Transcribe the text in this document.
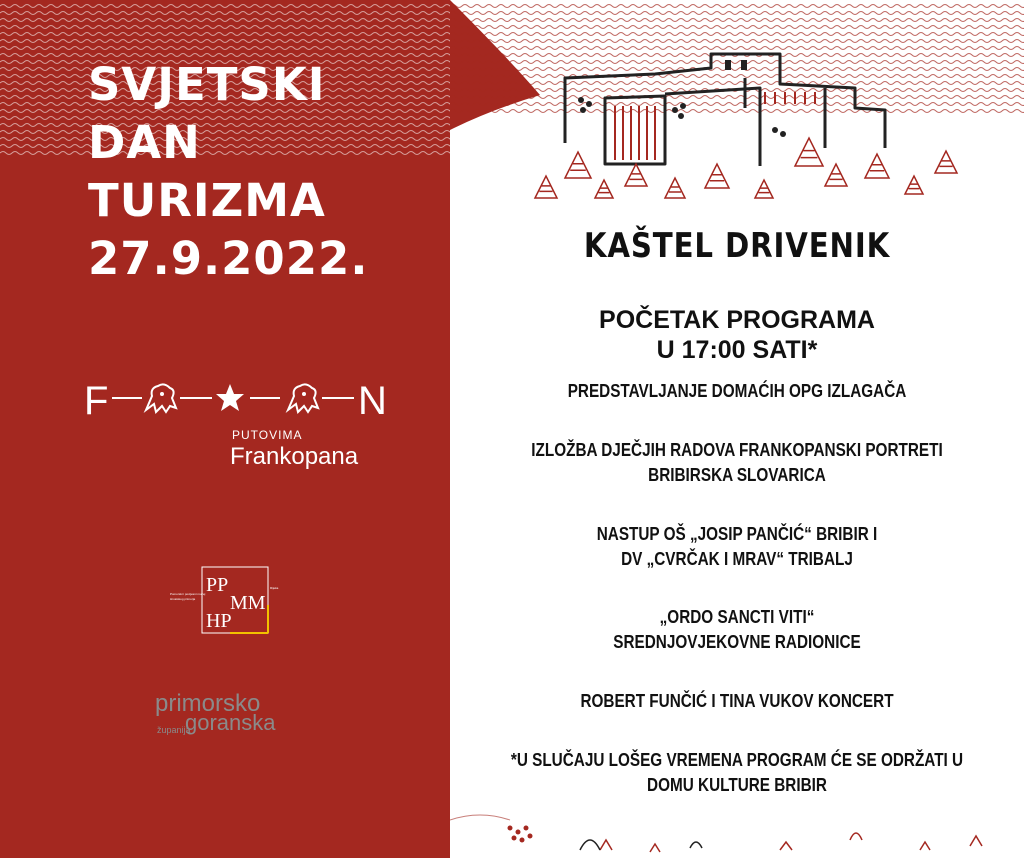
SVJETSKI
DAN
TURIZMA
27.9.2022.
F	N
PUTOVIMA
Frankopana
PP
MM
HP
Pomorski i povijesni muzej
Hrvatskog primorja
Rijeka
primorsko
goranska
županija
KAŠTEL DRIVENIK
POČETAK PROGRAMA
U 17:00 SATI*
PREDSTAVLJANJE DOMAĆIH OPG IZLAGAČA
IZLOŽBA DJEČJIH RADOVA FRANKOPANSKI PORTRETI
BRIBIRSKA SLOVARICA
NASTUP OŠ „JOSIP PANČIĆ“ BRIBIR I
DV „CVRČAK I MRAV“ TRIBALJ
„ORDO SANCTI VITI“
SREDNJOVJEKOVNE RADIONICE
ROBERT FUNČIĆ I TINA VUKOV KONCERT
*U SLUČAJU LOŠEG VREMENA PROGRAM ĆE SE ODRŽATI U
DOMU KULTURE BRIBIR
